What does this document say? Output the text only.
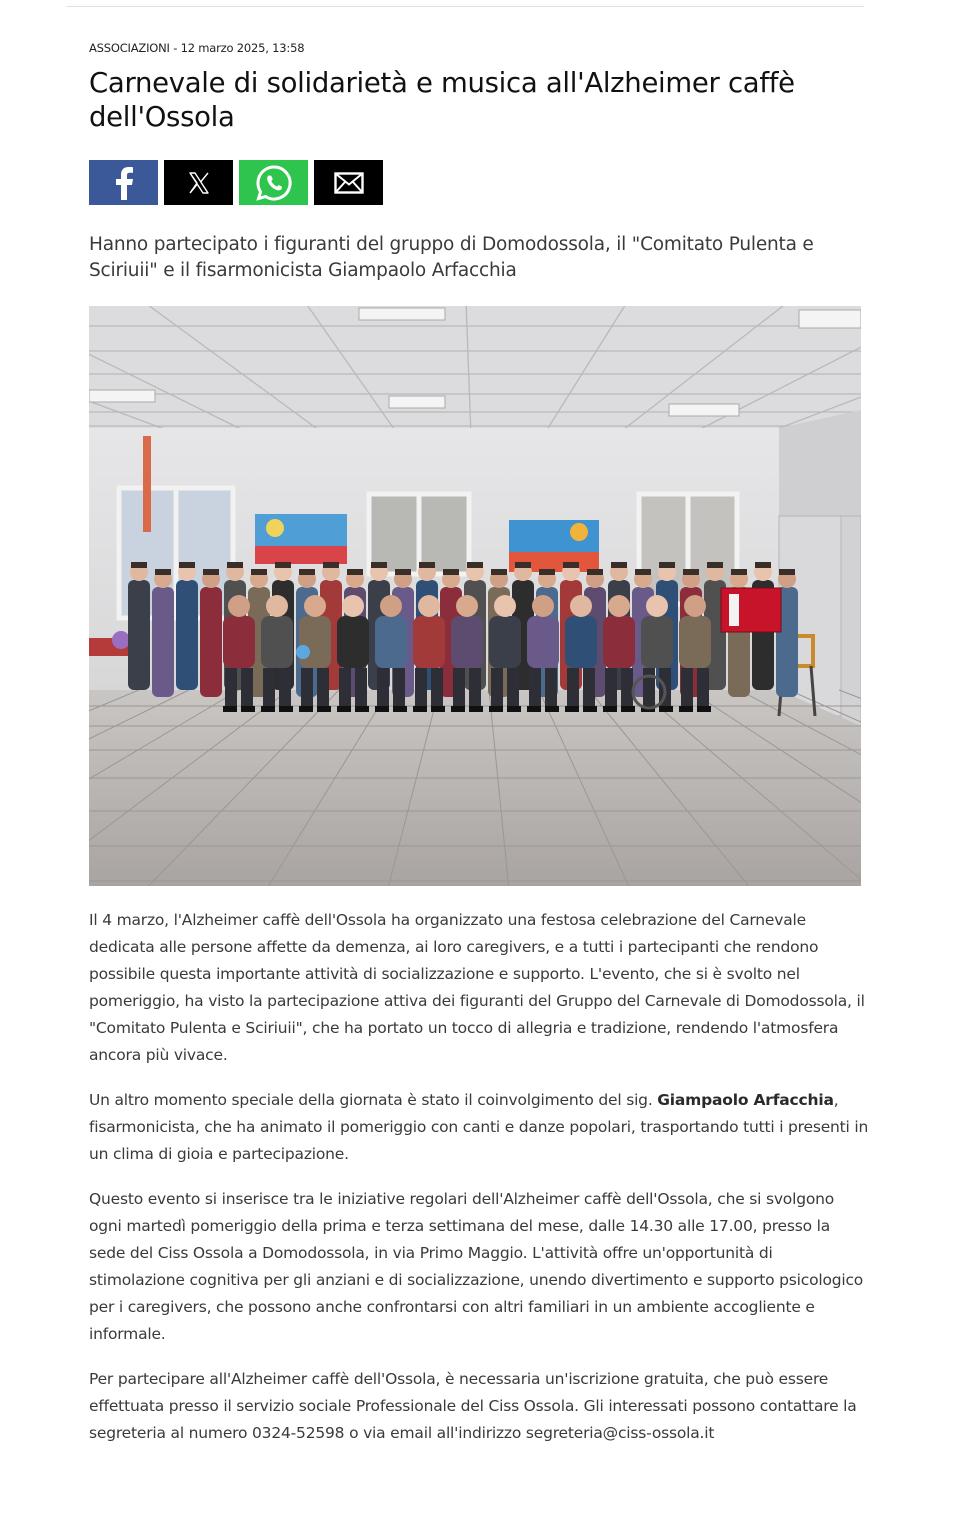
ASSOCIAZIONI - 12 marzo 2025, 13:58
Carnevale di solidarietà e musica all'Alzheimer caffè dell'Ossola

Hanno partecipato i figuranti del gruppo di Domodossola, il "Comitato Pulenta e Sciriuii" e il fisarmonicista Giampaolo Arfacchia

Il 4 marzo, l'Alzheimer caffè dell'Ossola ha organizzato una festosa celebrazione del Carnevale dedicata alle persone affette da demenza, ai loro caregivers, e a tutti i partecipanti che rendono possibile questa importante attività di socializzazione e supporto. L'evento, che si è svolto nel pomeriggio, ha visto la partecipazione attiva dei figuranti del Gruppo del Carnevale di Domodossola, il "Comitato Pulenta e Sciriuii", che ha portato un tocco di allegria e tradizione, rendendo l'atmosfera ancora più vivace.

Un altro momento speciale della giornata è stato il coinvolgimento del sig. Giampaolo Arfacchia, fisarmonicista, che ha animato il pomeriggio con canti e danze popolari, trasportando tutti i presenti in un clima di gioia e partecipazione.

Questo evento si inserisce tra le iniziative regolari dell'Alzheimer caffè dell'Ossola, che si svolgono ogni martedì pomeriggio della prima e terza settimana del mese, dalle 14.30 alle 17.00, presso la sede del Ciss Ossola a Domodossola, in via Primo Maggio. L'attività offre un'opportunità di stimolazione cognitiva per gli anziani e di socializzazione, unendo divertimento e supporto psicologico per i caregivers, che possono anche confrontarsi con altri familiari in un ambiente accogliente e informale.

Per partecipare all'Alzheimer caffè dell'Ossola, è necessaria un'iscrizione gratuita, che può essere effettuata presso il servizio sociale Professionale del Ciss Ossola. Gli interessati possono contattare la segreteria al numero 0324-52598 o via email all'indirizzo segreteria@ciss-ossola.it
